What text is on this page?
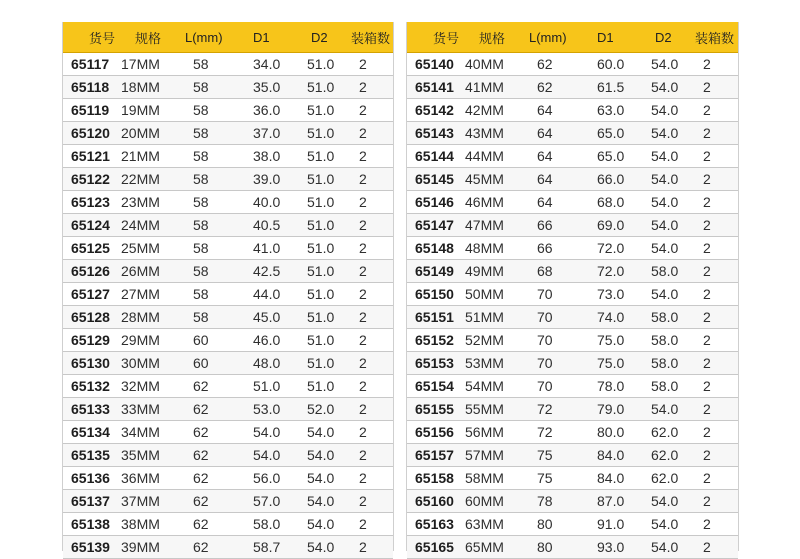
货号 规格 L(mm) D1	D2 装箱数
65117 17MM 58	34.0 51.0 2
65118 18MM 58	35.0 51.0 2
65119 19MM 58	36.0 51.0 2
65120 20MM 58	37.0 51.0 2
65121 21MM 58	38.0 51.0 2
65122 22MM 58	39.0 51.0 2
65123 23MM 58	40.0 51.0 2
65124 24MM 58	40.5 51.0 2
65125 25MM 58	41.0 51.0 2
65126 26MM 58	42.5 51.0 2
65127 27MM 58	44.0 51.0 2
65128 28MM 58	45.0 51.0 2
65129 29MM 60	46.0 51.0 2
65130 30MM 60	48.0 51.0 2
65132 32MM 62	51.0 51.0 2
65133 33MM 62	53.0 52.0 2
65134 34MM 62	54.0 54.0 2
65135 35MM 62	54.0 54.0 2
65136 36MM 62	56.0 54.0 2
65137 37MM 62	57.0 54.0 2
65138 38MM 62	58.0 54.0 2
65139 39MM 62	58.7 54.0 2
货号 规格 L(mm) D1	D2 装箱数
65140 40MM 62	60.0 54.0 2
65141 41MM 62	61.5 54.0 2
65142 42MM 64	63.0 54.0 2
65143 43MM 64	65.0 54.0 2
65144 44MM 64	65.0 54.0 2
65145 45MM 64	66.0 54.0 2
65146 46MM 64	68.0 54.0 2
65147 47MM 66	69.0 54.0 2
65148 48MM 66	72.0 54.0 2
65149 49MM 68	72.0 58.0 2
65150 50MM 70	73.0 54.0 2
65151 51MM 70	74.0 58.0 2
65152 52MM 70	75.0 58.0 2
65153 53MM 70	75.0 58.0 2
65154 54MM 70	78.0 58.0 2
65155 55MM 72	79.0 54.0 2
65156 56MM 72	80.0 62.0 2
65157 57MM 75	84.0 62.0 2
65158 58MM 75	84.0 62.0 2
65160 60MM 78	87.0 54.0 2
65163 63MM 80	91.0 54.0 2
65165 65MM 80	93.0 54.0 2
